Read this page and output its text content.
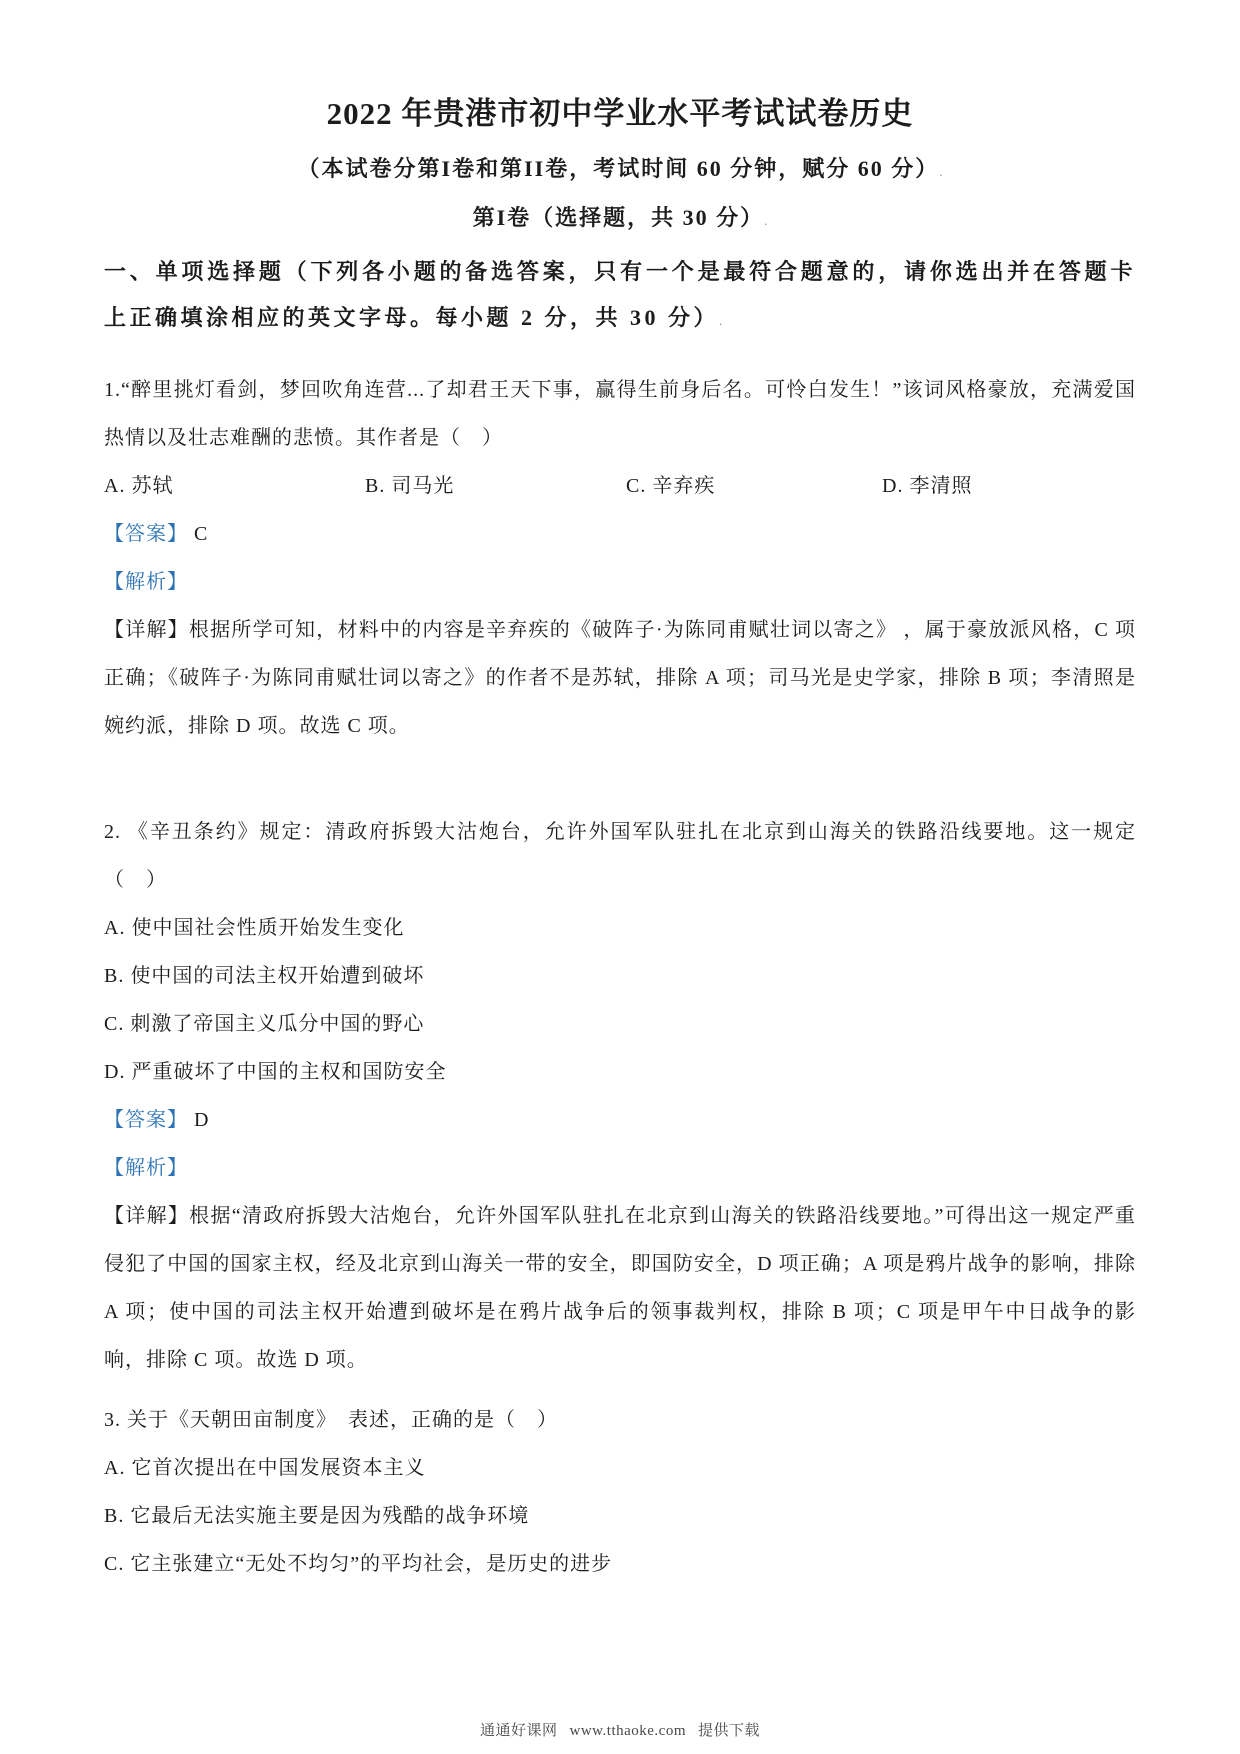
2022 年贵港市初中学业水平考试试卷历史

（本试卷分第I卷和第II卷，考试时间 60 分钟，赋分 60 分）.

第I卷（选择题，共 30 分）.

一、单项选择题（下列各小题的备选答案，只有一个是最符合题意的，请你选出并在答题卡上正确填涂相应的英文字母。每小题 2 分，共 30 分）.

1.“醉里挑灯看剑，梦回吹角连营...了却君王天下事，赢得生前身后名。可怜白发生！”该词风格豪放，充满爱国热情以及壮志难酬的悲愤。其作者是（　）

A. 苏轼	B. 司马光	C. 辛弃疾	D. 李清照

【答案】 C

【解析】

【详解】根据所学可知，材料中的内容是辛弃疾的《破阵子·为陈同甫赋壮词以寄之》 ，属于豪放派风格，C 项正确；《破阵子·为陈同甫赋壮词以寄之》的作者不是苏轼，排除 A 项；司马光是史学家，排除 B 项；李清照是婉约派，排除 D 项。故选 C 项。

2. 《辛丑条约》规定：清政府拆毁大沽炮台，允许外国军队驻扎在北京到山海关的铁路沿线要地。这一规定（　）

A. 使中国社会性质开始发生变化

B. 使中国的司法主权开始遭到破坏

C. 刺激了帝国主义瓜分中国的野心

D. 严重破坏了中国的主权和国防安全

【答案】 D

【解析】

【详解】根据“清政府拆毁大沽炮台，允许外国军队驻扎在北京到山海关的铁路沿线要地。”可得出这一规定严重侵犯了中国的国家主权，经及北京到山海关一带的安全，即国防安全，D 项正确；A 项是鸦片战争的影响，排除 A 项；使中国的司法主权开始遭到破坏是在鸦片战争后的领事裁判权，排除 B 项；C 项是甲午中日战争的影响，排除 C 项。故选 D 项。

3. 关于《天朝田亩制度》　表述，正确的是（　）

A. 它首次提出在中国发展资本主义

B. 它最后无法实施主要是因为残酷的战争环境

C. 它主张建立“无处不均匀”的平均社会，是历史的进步

通通好课网 www.tthaoke.com 提供下载
